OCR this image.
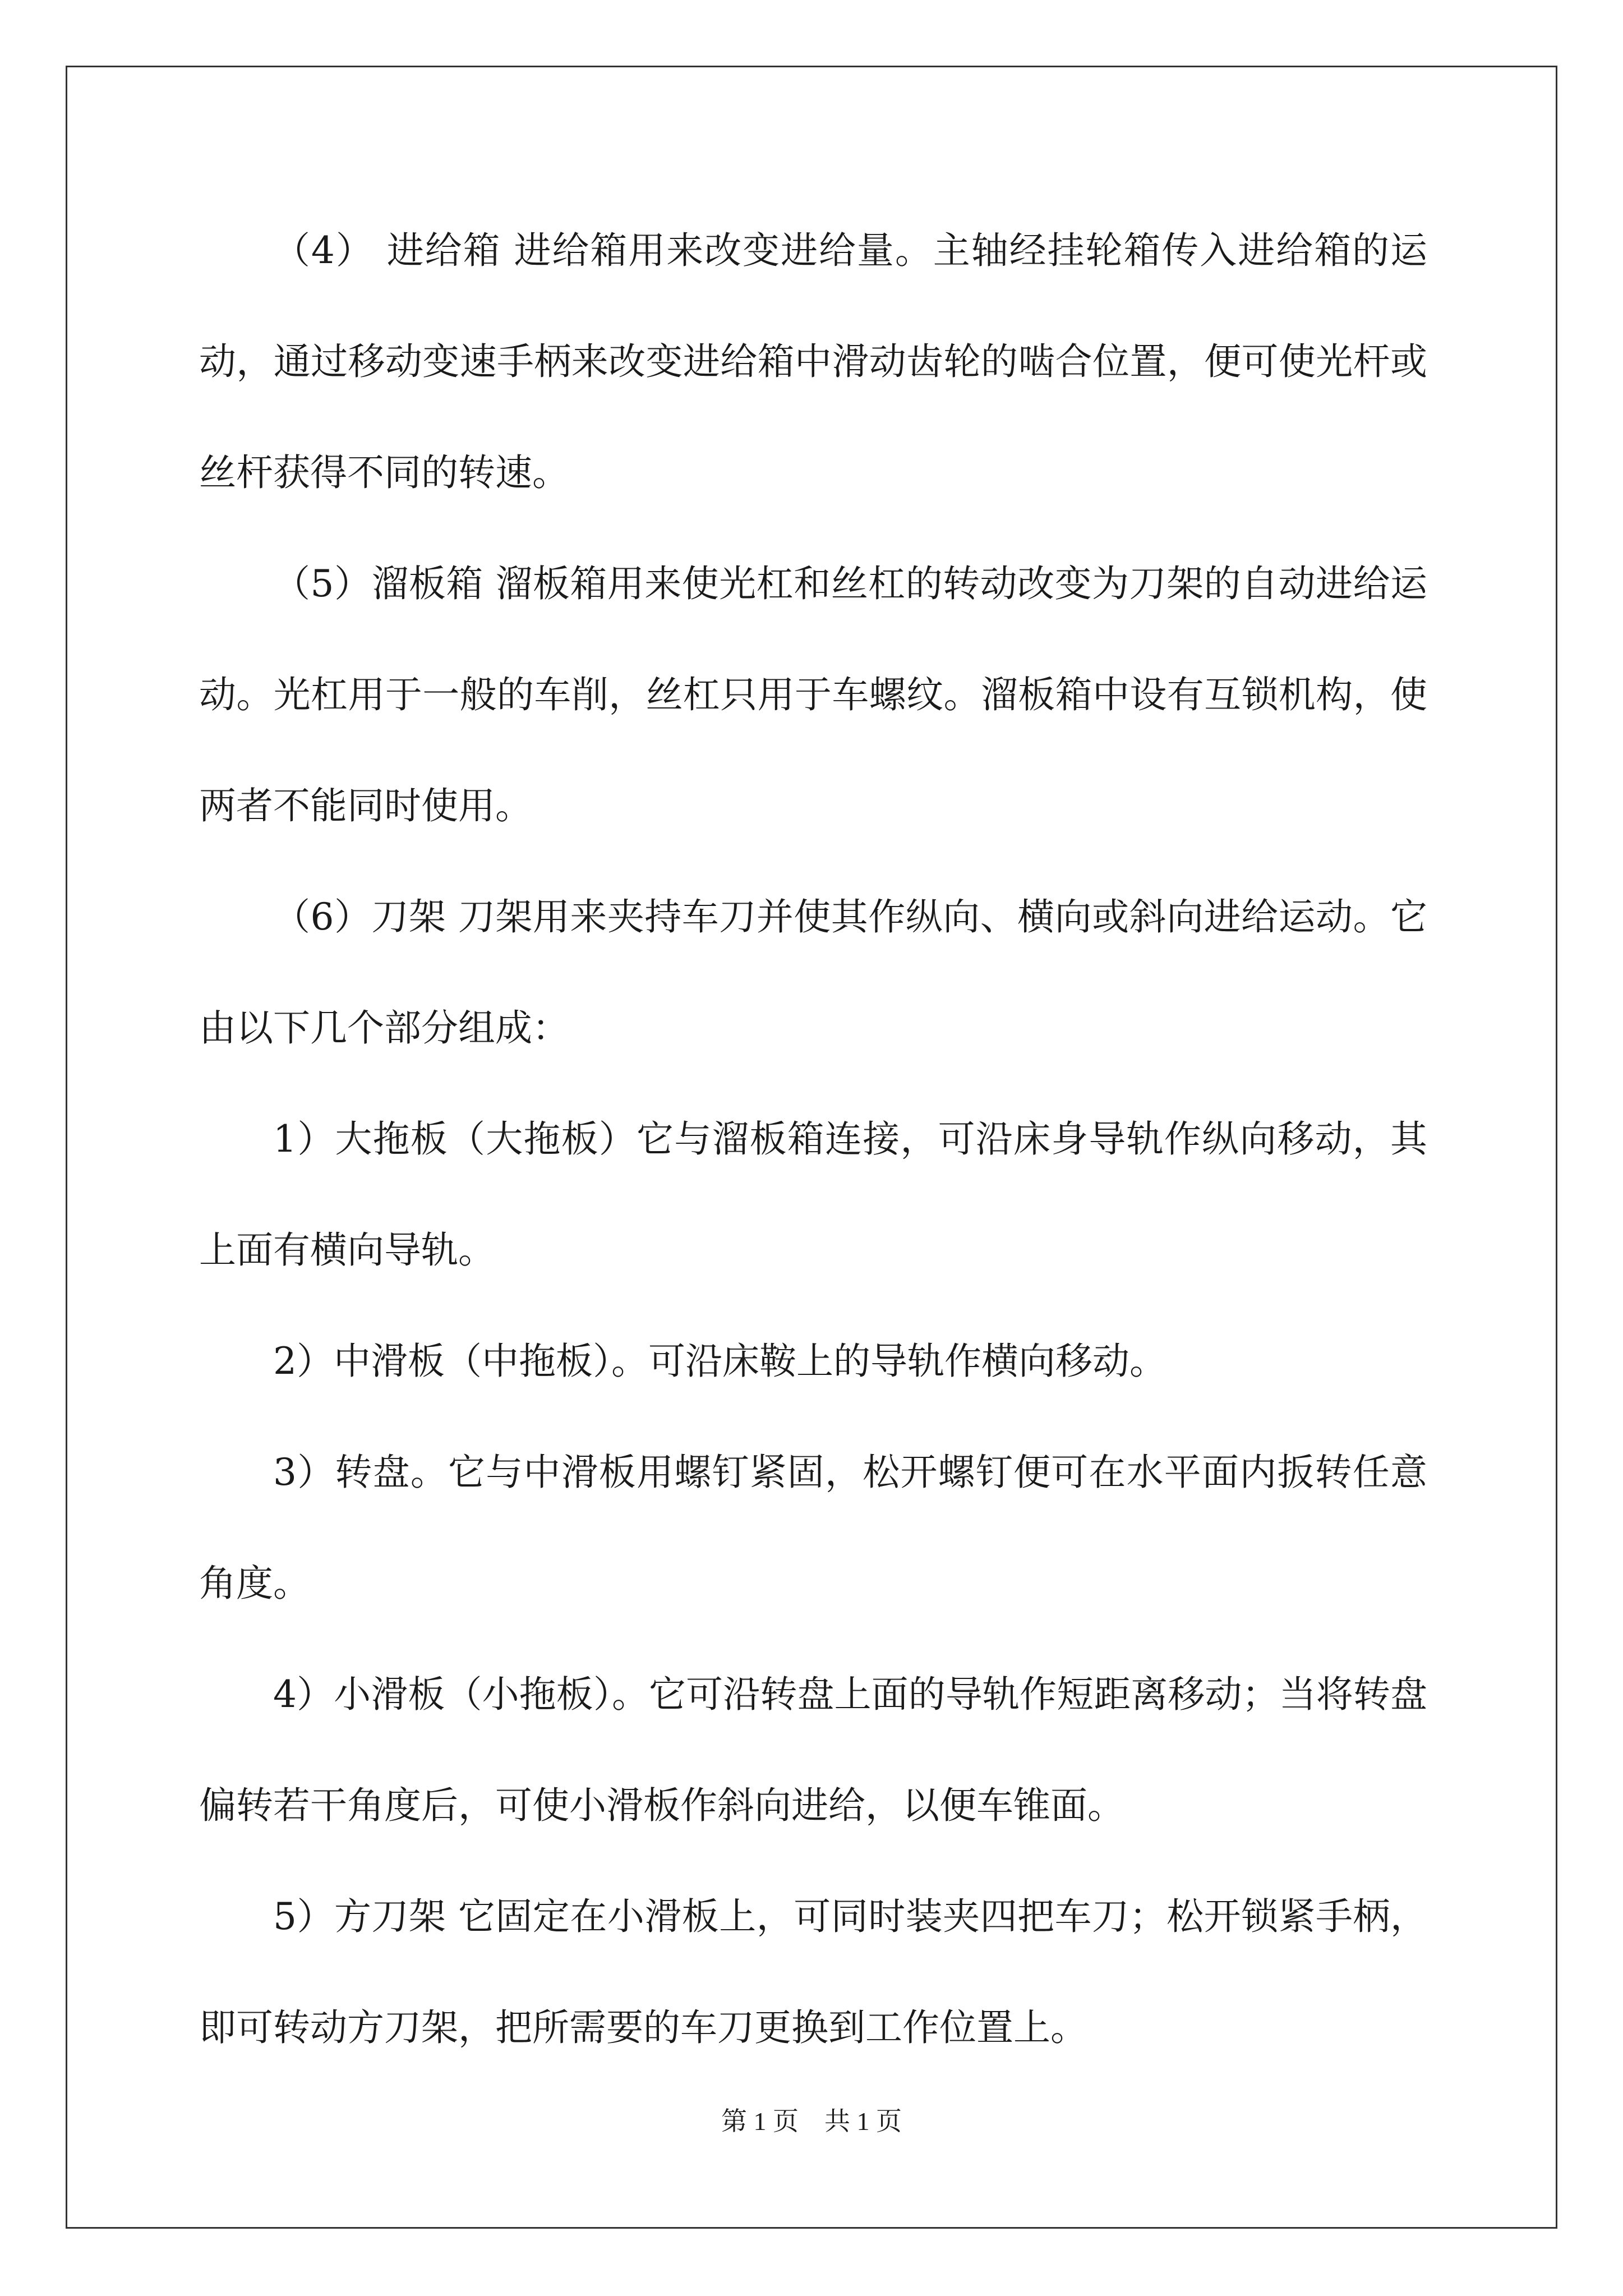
（4） 进给箱 进给箱用来改变进给量。主轴经挂轮箱传入进给箱的运动，通过移动变速手柄来改变进给箱中滑动齿轮的啮合位置，便可使光杆或丝杆获得不同的转速。

（5）溜板箱 溜板箱用来使光杠和丝杠的转动改变为刀架的自动进给运动。光杠用于一般的车削，丝杠只用于车螺纹。溜板箱中设有互锁机构，使两者不能同时使用。

（6）刀架 刀架用来夹持车刀并使其作纵向、横向或斜向进给运动。它由以下几个部分组成：

1）大拖板（大拖板）它与溜板箱连接，可沿床身导轨作纵向移动，其上面有横向导轨。

2）中滑板（中拖板）。可沿床鞍上的导轨作横向移动。

3）转盘。它与中滑板用螺钉紧固，松开螺钉便可在水平面内扳转任意角度。

4）小滑板（小拖板）。它可沿转盘上面的导轨作短距离移动；当将转盘偏转若干角度后，可使小滑板作斜向进给，以便车锥面。

5）方刀架 它固定在小滑板上，可同时装夹四把车刀；松开锁紧手柄，即可转动方刀架，把所需要的车刀更换到工作位置上。

第 1 页　共 1 页
